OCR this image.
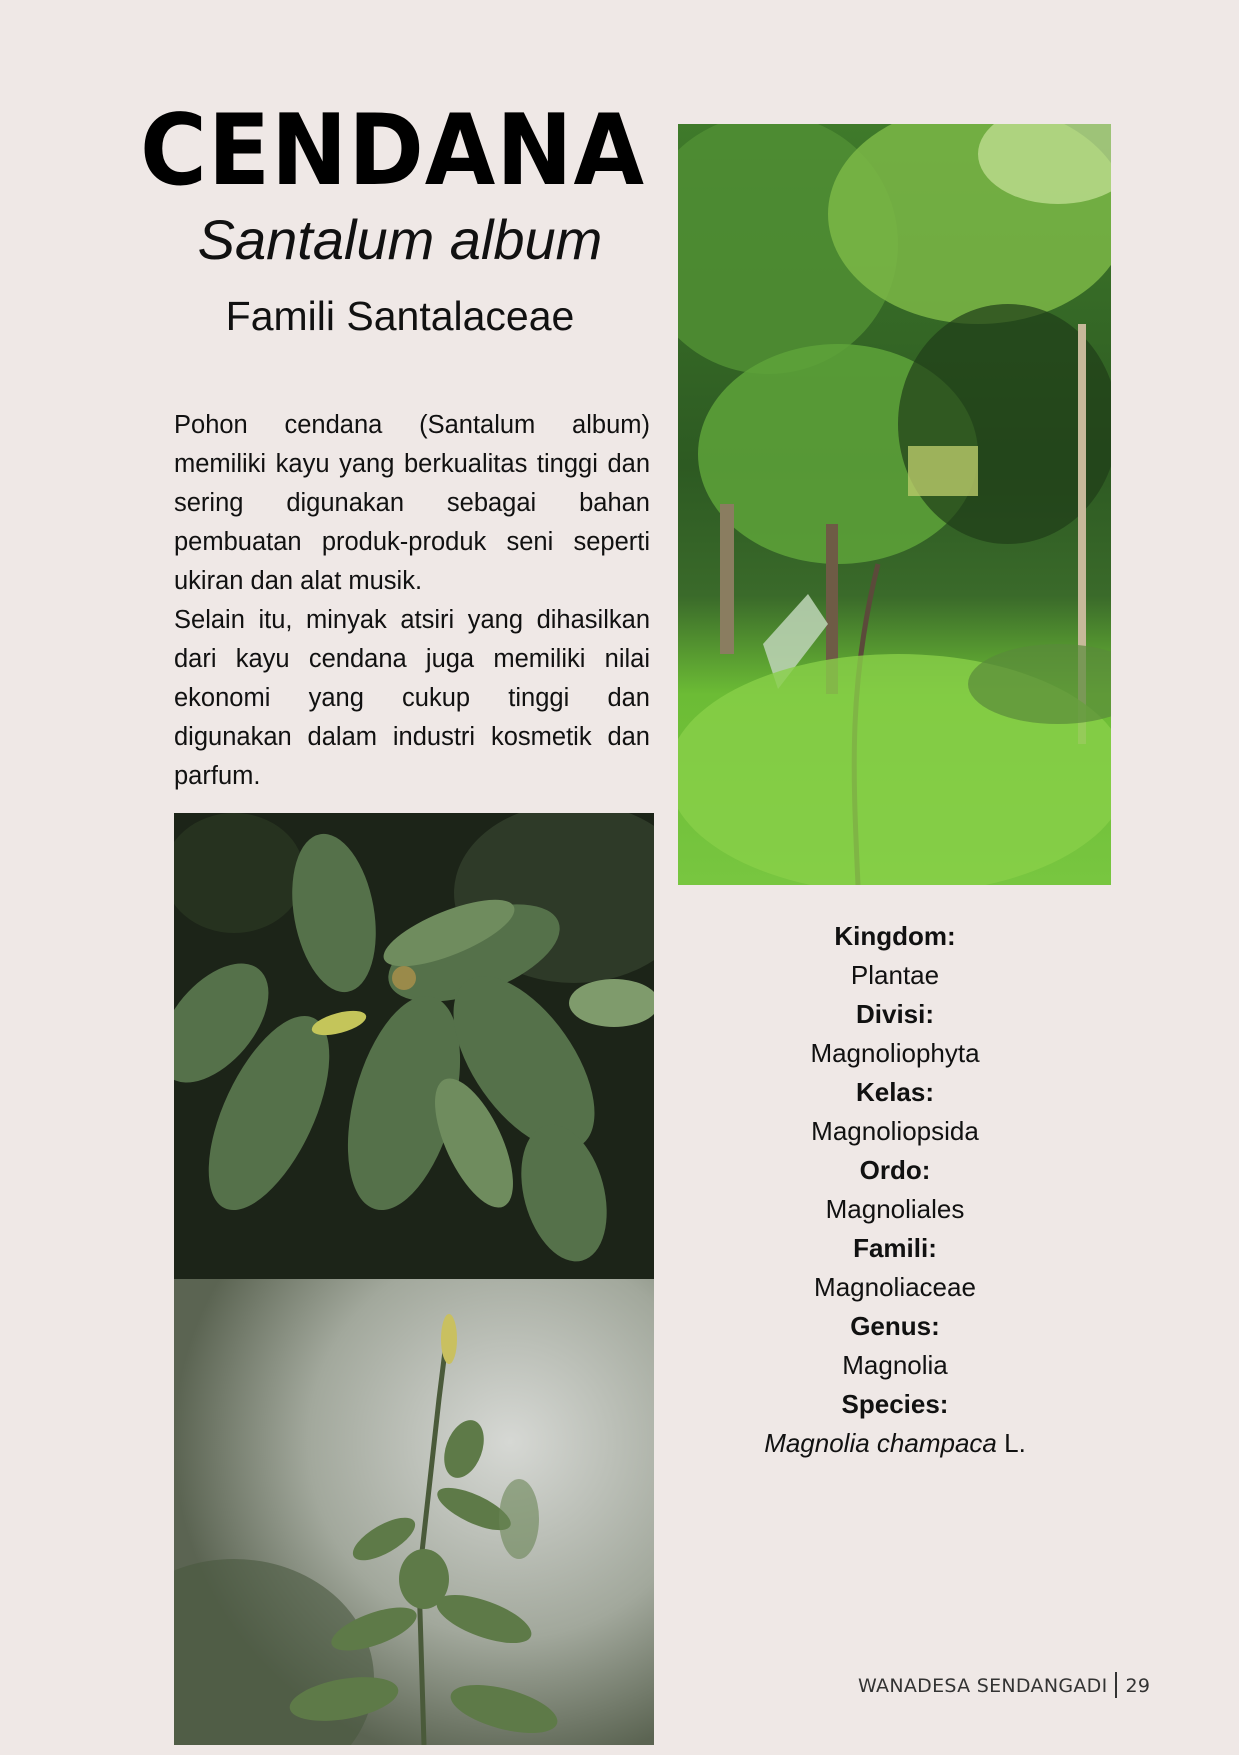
CENDANA
Santalum album
Famili Santalaceae

Pohon cendana (Santalum album) memiliki kayu yang berkualitas tinggi dan sering digunakan sebagai bahan pembuatan produk-produk seni seperti ukiran dan alat musik.

Selain itu, minyak atsiri yang dihasilkan dari kayu cendana juga memiliki nilai ekonomi yang cukup tinggi dan digunakan dalam industri kosmetik dan parfum.

Kingdom:
Plantae
Divisi:
Magnoliophyta
Kelas:
Magnoliopsida
Ordo:
Magnoliales
Famili:
Magnoliaceae
Genus:
Magnolia
Species:
Magnolia champaca L.
WANADESA SENDANGADI 29
